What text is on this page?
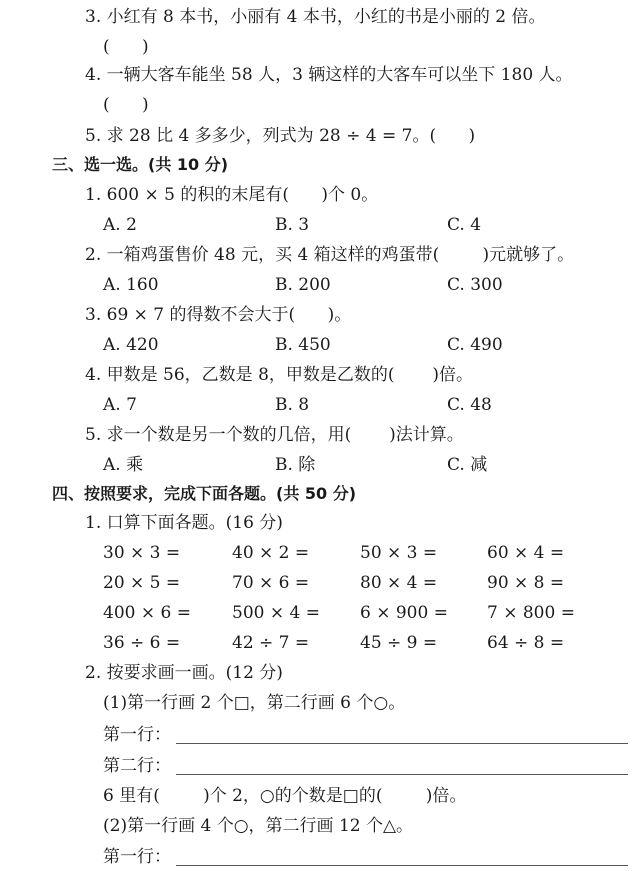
3. 小红有 8 本书，小丽有 4 本书，小红的书是小丽的 2 倍。
(      )
4. 一辆大客车能坐 58 人，3 辆这样的大客车可以坐下 180 人。
(      )
5. 求 28 比 4 多多少，列式为 28 ÷ 4 = 7。(      )
三、选一选。(共 10 分)
1. 600 × 5 的积的末尾有(      )个 0。
A. 2	B. 3	C. 4
2. 一箱鸡蛋售价 48 元，买 4 箱这样的鸡蛋带(        )元就够了。
A. 160	B. 200	C. 300
3. 69 × 7 的得数不会大于(      )。
A. 420	B. 450	C. 490
4. 甲数是 56，乙数是 8，甲数是乙数的(       )倍。
A. 7	B. 8	C. 48
5. 求一个数是另一个数的几倍，用(       )法计算。
A. 乘	B. 除	C. 减
四、按照要求，完成下面各题。(共 50 分)
1. 口算下面各题。(16 分)
30 × 3 =	40 × 2 =	50 × 3 =	60 × 4 =
20 × 5 =	70 × 6 =	80 × 4 =	90 × 8 =
400 × 6 = 500 × 4 = 6 × 900 = 7 × 800 =
36 ÷ 6 =	42 ÷ 7 =	45 ÷ 9 =	64 ÷ 8 =
2. 按要求画一画。(12 分)
(1)第一行画 2 个□，第二行画 6 个○。
第一行：
第二行：
6 里有(        )个 2，○的个数是□的(        )倍。
(2)第一行画 4 个○，第二行画 12 个△。
第一行：
